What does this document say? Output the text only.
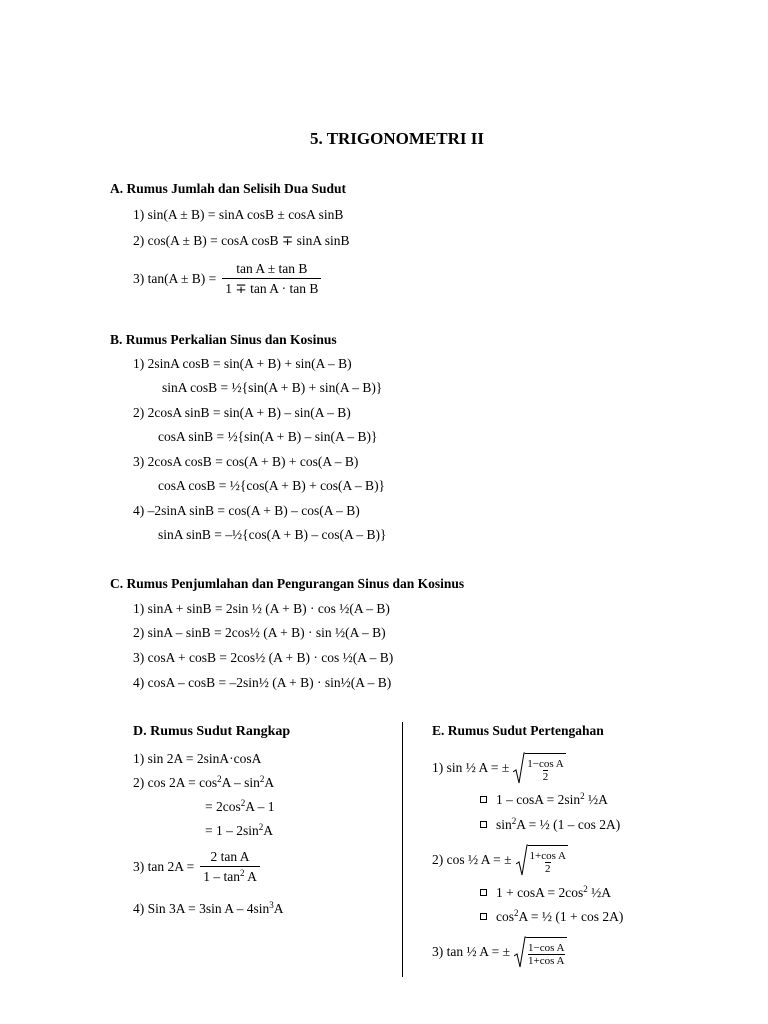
5. TRIGONOMETRI II
A. Rumus Jumlah dan Selisih Dua Sudut
1) sin(A ± B) = sinA cosB ± cosA sinB
2) cos(A ± B) = cosA cosB ∓ sinA sinB
3) $\tan(A \pm B) = \frac{\text{tan A ± tan B}}{\text{1 ∓ tan A · tan B}}$
B. Rumus Perkalian Sinus dan Kosinus
1) 2sinA cosB = sin(A + B) + sin(A – B)
sinA cosB = ½{sin(A + B) + sin(A – B)}
2) 2cosA sinB = sin(A + B) – sin(A – B)
cosA sinB = ½{sin(A + B) – sin(A – B)}
3) 2cosA cosB = cos(A + B) + cos(A – B)
cosA cosB = ½{cos(A + B) + cos(A – B)}
4) –2sinA sinB = cos(A + B) – cos(A – B)
sinA sinB = –½{cos(A + B) – cos(A – B)}
C. Rumus Penjumlahan dan Pengurangan Sinus dan Kosinus
1) sinA + sinB = 2sin ½ (A + B) · cos ½(A – B)
2) sinA – sinB = 2cos½ (A + B) · sin ½(A – B)
3) cosA + cosB = 2cos½ (A + B) · cos ½(A – B)
4) cosA – cosB = –2sin½ (A + B) · sin½(A – B)
D. Rumus Sudut Rangkap
1) sin 2A = 2sinA·cosA
2) $\cos 2A = \cos^2A - \sin^2A$
= $2\cos^2A - 1$
= $1 - 2\sin^2A$
3) $\tan 2A = \frac{\text{2 tan A}}{1 - \tan^2 A}$
4) Sin 3A = 3sin A – $4\sin^3A$
E. Rumus Sudut Pertengahan
1) sin ½ A = ± $\frac{\text{1−cos A}}{2}$
$1 - \cos A = 2\sin^2$ ½A
$\sin^2A$ = ½ (1 – cos 2A)
2) cos ½ A = ± $\frac{\text{1+cos A}}{2}$
$1 + \cos A = 2\cos^2$ ½A
$\cos^2A$ = ½ (1 + cos 2A)
3) tan ½ A = ± $\frac{\text{1−cos A}}{\text{1+cos A}}$
